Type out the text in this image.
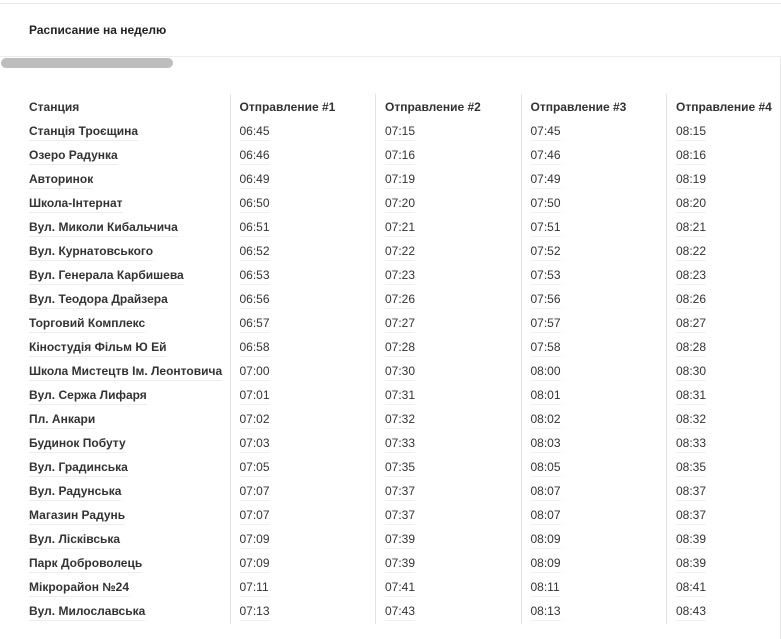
Расписание на неделю
Станция	Отправление #1	Отправление #2	Отправление #3	Отправление #4
Станція Троєщина	06:45	07:15	07:45	08:15
Озеро Радунка	06:46	07:16	07:46	08:16
Авторинок	06:49	07:19	07:49	08:19
Школа-Інтернат	06:50	07:20	07:50	08:20
Вул. Миколи Кибальчича	06:51	07:21	07:51	08:21
Вул. Курнатовського	06:52	07:22	07:52	08:22
Вул. Генерала Карбишева	06:53	07:23	07:53	08:23
Вул. Теодора Драйзера	06:56	07:26	07:56	08:26
Торговий Комплекс	06:57	07:27	07:57	08:27
Кіностудія Фільм Ю Ей	06:58	07:28	07:58	08:28
Школа Мистецтв Ім. Леонтовича	07:00	07:30	08:00	08:30
Вул. Сержа Лифаря	07:01	07:31	08:01	08:31
Пл. Анкари	07:02	07:32	08:02	08:32
Будинок Побуту	07:03	07:33	08:03	08:33
Вул. Градинська	07:05	07:35	08:05	08:35
Вул. Радунська	07:07	07:37	08:07	08:37
Магазин Радунь	07:07	07:37	08:07	08:37
Вул. Лісківська	07:09	07:39	08:09	08:39
Парк Доброволець	07:09	07:39	08:09	08:39
Мікрорайон №24	07:11	07:41	08:11	08:41
Вул. Милославська	07:13	07:43	08:13	08:43
